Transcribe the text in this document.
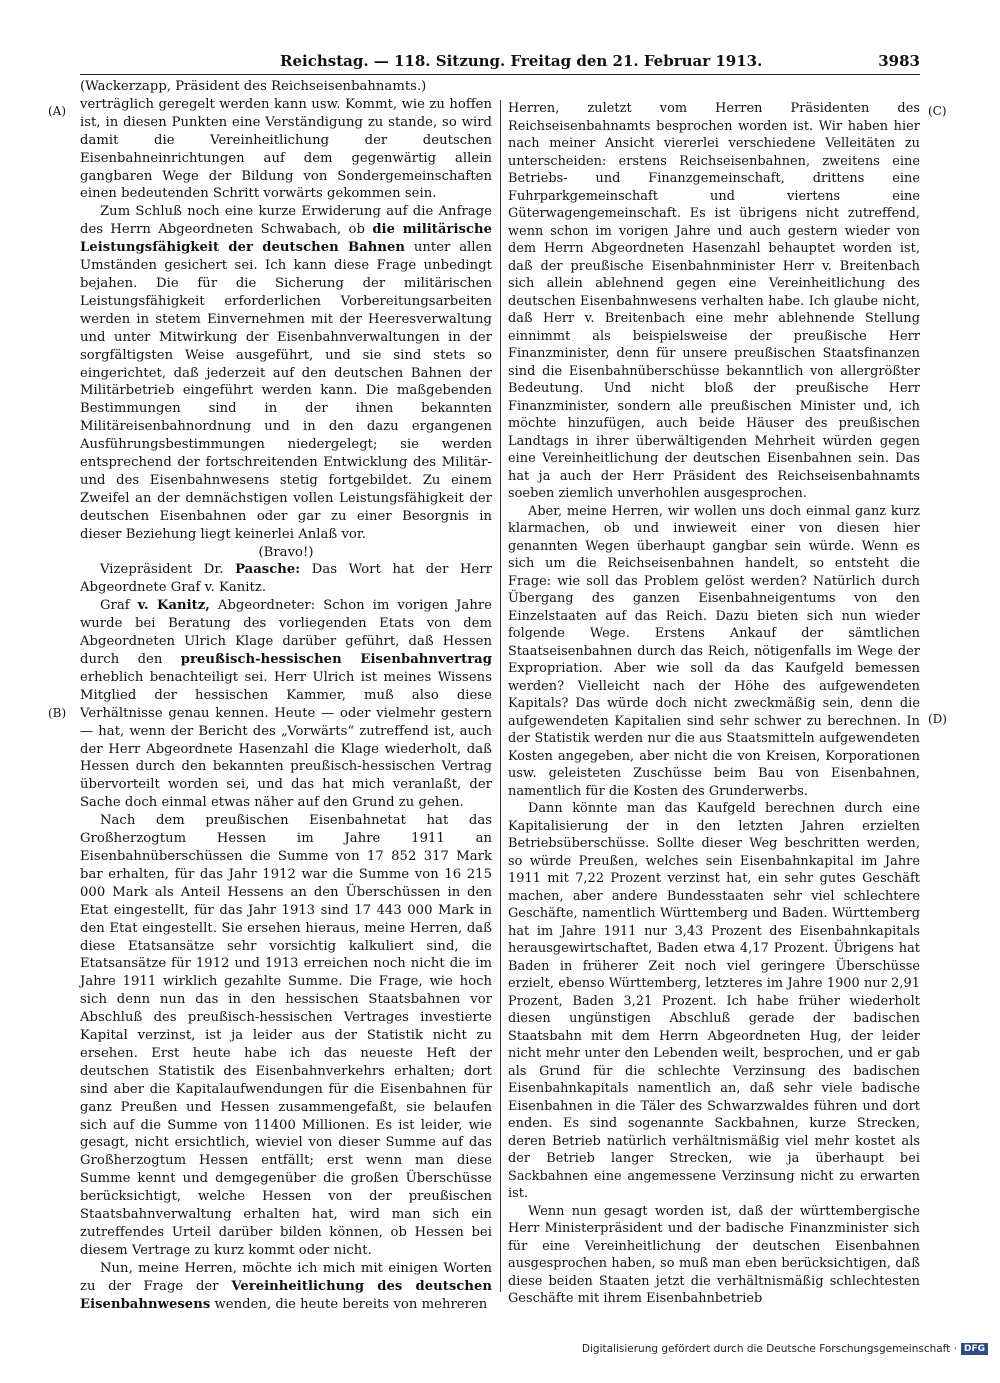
Reichstag. — 118. Sitzung. Freitag den 21. Februar 1913.	3983
(A)
(B)
(C)
(D)

(Wackerzapp, Präsident des Reichseisenbahnamts.)

verträglich geregelt werden kann usw. Kommt, wie zu hoffen ist, in diesen Punkten eine Verständigung zu stande, so wird damit die Vereinheitlichung der deutschen Eisenbahneinrichtungen auf dem gegenwärtig allein gangbaren Wege der Bildung von Sondergemeinschaften einen bedeutenden Schritt vorwärts gekommen sein.

Zum Schluß noch eine kurze Erwiderung auf die Anfrage des Herrn Abgeordneten Schwabach, ob die militärische Leistungsfähigkeit der deutschen Bahnen unter allen Umständen gesichert sei. Ich kann diese Frage unbedingt bejahen. Die für die Sicherung der militärischen Leistungsfähigkeit erforderlichen Vorbereitungsarbeiten werden in stetem Einvernehmen mit der Heeresverwaltung und unter Mitwirkung der Eisenbahnverwaltungen in der sorgfältigsten Weise ausgeführt, und sie sind stets so eingerichtet, daß jederzeit auf den deutschen Bahnen der Militärbetrieb eingeführt werden kann. Die maßgebenden Bestimmungen sind in der ihnen bekannten Militäreisenbahnordnung und in den dazu ergangenen Ausführungsbestimmungen niedergelegt; sie werden entsprechend der fortschreitenden Entwicklung des Militär- und des Eisenbahnwesens stetig fortgebildet. Zu einem Zweifel an der demnächstigen vollen Leistungsfähigkeit der deutschen Eisenbahnen oder gar zu einer Besorgnis in dieser Beziehung liegt keinerlei Anlaß vor.

(Bravo!)

Vizepräsident Dr. Paasche: Das Wort hat der Herr Abgeordnete Graf v. Kanitz.

Graf v. Kanitz, Abgeordneter: Schon im vorigen Jahre wurde bei Beratung des vorliegenden Etats von dem Abgeordneten Ulrich Klage darüber geführt, daß Hessen durch den preußisch-hessischen Eisenbahnvertrag erheblich benachteiligt sei. Herr Ulrich ist meines Wissens Mitglied der hessischen Kammer, muß also diese Verhältnisse genau kennen. Heute — oder vielmehr gestern — hat, wenn der Bericht des „Vorwärts“ zutreffend ist, auch der Herr Abgeordnete Hasenzahl die Klage wiederholt, daß Hessen durch den bekannten preußisch-hessischen Vertrag übervorteilt worden sei, und das hat mich veranlaßt, der Sache doch einmal etwas näher auf den Grund zu gehen.

Nach dem preußischen Eisenbahnetat hat das Großherzogtum Hessen im Jahre 1911 an Eisenbahnüberschüssen die Summe von 17 852 317 Mark bar erhalten, für das Jahr 1912 war die Summe von 16 215 000 Mark als Anteil Hessens an den Überschüssen in den Etat eingestellt, für das Jahr 1913 sind 17 443 000 Mark in den Etat eingestellt. Sie ersehen hieraus, meine Herren, daß diese Etatsansätze sehr vorsichtig kalkuliert sind, die Etatsansätze für 1912 und 1913 erreichen noch nicht die im Jahre 1911 wirklich gezahlte Summe. Die Frage, wie hoch sich denn nun das in den hessischen Staatsbahnen vor Abschluß des preußisch-hessischen Vertrages investierte Kapital verzinst, ist ja leider aus der Statistik nicht zu ersehen. Erst heute habe ich das neueste Heft der deutschen Statistik des Eisenbahnverkehrs erhalten; dort sind aber die Kapitalaufwendungen für die Eisenbahnen für ganz Preußen und Hessen zusammengefaßt, sie belaufen sich auf die Summe von 11400 Millionen. Es ist leider, wie gesagt, nicht ersichtlich, wieviel von dieser Summe auf das Großherzogtum Hessen entfällt; erst wenn man diese Summe kennt und demgegenüber die großen Überschüsse berücksichtigt, welche Hessen von der preußischen Staatsbahnverwaltung erhalten hat, wird man sich ein zutreffendes Urteil darüber bilden können, ob Hessen bei diesem Vertrage zu kurz kommt oder nicht.

Nun, meine Herren, möchte ich mich mit einigen Worten zu der Frage der Vereinheitlichung des deutschen Eisenbahnwesens wenden, die heute bereits von mehreren

Herren, zuletzt vom Herren Präsidenten des Reichseisenbahnamts besprochen worden ist. Wir haben hier nach meiner Ansicht viererlei verschiedene Velleitäten zu unterscheiden: erstens Reichseisenbahnen, zweitens eine Betriebs- und Finanzgemeinschaft, drittens eine Fuhrparkgemeinschaft und viertens eine Güterwagengemeinschaft. Es ist übrigens nicht zutreffend, wenn schon im vorigen Jahre und auch gestern wieder von dem Herrn Abgeordneten Hasenzahl behauptet worden ist, daß der preußische Eisenbahnminister Herr v. Breitenbach sich allein ablehnend gegen eine Vereinheitlichung des deutschen Eisenbahnwesens verhalten habe. Ich glaube nicht, daß Herr v. Breitenbach eine mehr ablehnende Stellung einnimmt als beispielsweise der preußische Herr Finanzminister, denn für unsere preußischen Staatsfinanzen sind die Eisenbahnüberschüsse bekanntlich von allergrößter Bedeutung. Und nicht bloß der preußische Herr Finanzminister, sondern alle preußischen Minister und, ich möchte hinzufügen, auch beide Häuser des preußischen Landtags in ihrer überwältigenden Mehrheit würden gegen eine Vereinheitlichung der deutschen Eisenbahnen sein. Das hat ja auch der Herr Präsident des Reichseisenbahnamts soeben ziemlich unverhohlen ausgesprochen.

Aber, meine Herren, wir wollen uns doch einmal ganz kurz klarmachen, ob und inwieweit einer von diesen hier genannten Wegen überhaupt gangbar sein würde. Wenn es sich um die Reichseisenbahnen handelt, so entsteht die Frage: wie soll das Problem gelöst werden? Natürlich durch Übergang des ganzen Eisenbahneigentums von den Einzelstaaten auf das Reich. Dazu bieten sich nun wieder folgende Wege. Erstens Ankauf der sämtlichen Staatseisenbahnen durch das Reich, nötigenfalls im Wege der Expropriation. Aber wie soll da das Kaufgeld bemessen werden? Vielleicht nach der Höhe des aufgewendeten Kapitals? Das würde doch nicht zweckmäßig sein, denn die aufgewendeten Kapitalien sind sehr schwer zu berechnen. In der Statistik werden nur die aus Staatsmitteln aufgewendeten Kosten angegeben, aber nicht die von Kreisen, Korporationen usw. geleisteten Zuschüsse beim Bau von Eisenbahnen, namentlich für die Kosten des Grunderwerbs.

Dann könnte man das Kaufgeld berechnen durch eine Kapitalisierung der in den letzten Jahren erzielten Betriebsüberschüsse. Sollte dieser Weg beschritten werden, so würde Preußen, welches sein Eisenbahnkapital im Jahre 1911 mit 7,22 Prozent verzinst hat, ein sehr gutes Geschäft machen, aber andere Bundesstaaten sehr viel schlechtere Geschäfte, namentlich Württemberg und Baden. Württemberg hat im Jahre 1911 nur 3,43 Prozent des Eisenbahnkapitals herausgewirtschaftet, Baden etwa 4,17 Prozent. Übrigens hat Baden in früherer Zeit noch viel geringere Überschüsse erzielt, ebenso Württemberg, letzteres im Jahre 1900 nur 2,91 Prozent, Baden 3,21 Prozent. Ich habe früher wiederholt diesen ungünstigen Abschluß gerade der badischen Staatsbahn mit dem Herrn Abgeordneten Hug, der leider nicht mehr unter den Lebenden weilt, besprochen, und er gab als Grund für die schlechte Verzinsung des badischen Eisenbahnkapitals namentlich an, daß sehr viele badische Eisenbahnen in die Täler des Schwarzwaldes führen und dort enden. Es sind sogenannte Sackbahnen, kurze Strecken, deren Betrieb natürlich verhältnismäßig viel mehr kostet als der Betrieb langer Strecken, wie ja überhaupt bei Sackbahnen eine angemessene Verzinsung nicht zu erwarten ist.

Wenn nun gesagt worden ist, daß der württembergische Herr Ministerpräsident und der badische Finanzminister sich für eine Vereinheitlichung der deutschen Eisenbahnen ausgesprochen haben, so muß man eben berücksichtigen, daß diese beiden Staaten jetzt die verhältnismäßig schlechtesten Geschäfte mit ihrem Eisenbahnbetrieb

Digitalisierung gefördert durch die Deutsche Forschungsgemeinschaft · DFG
